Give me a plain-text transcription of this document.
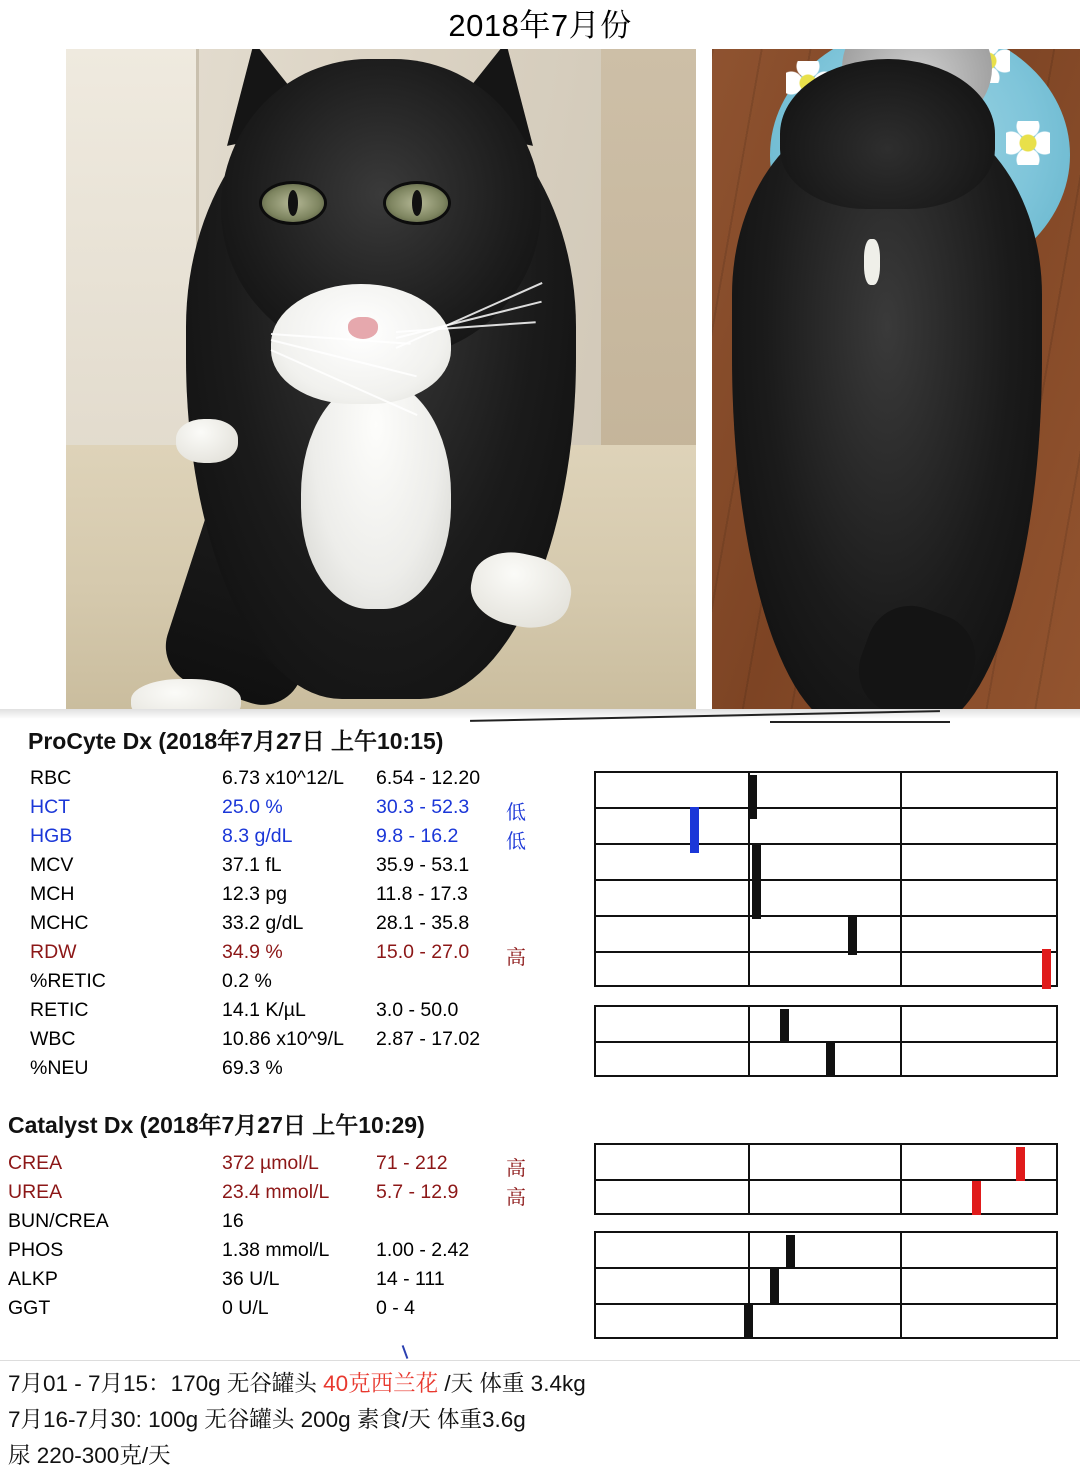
2018年7月份
ProCyte Dx (2018年7月27日 上午10:15)
RBC	6.73 x10^12/L 6.54 - 12.20
HCT	25.0 %	30.3 - 52.3 低
HGB	8.3 g/dL	9.8 - 16.2 低
MCV	37.1 fL	35.9 - 53.1
MCH	12.3 pg	11.8 - 17.3
MCHC	33.2 g/dL	28.1 - 35.8
RDW	34.9 %	15.0 - 27.0 高
%RETIC	0.2 %
RETIC	14.1 K/µL	3.0 - 50.0
WBC	10.86 x10^9/L 2.87 - 17.02
%NEU	69.3 %
Catalyst Dx (2018年7月27日 上午10:29)
CREA	372 µmol/L	71 - 212	高
UREA	23.4 mmol/L 5.7 - 12.9 高
BUN/CREA	16
PHOS	1.38 mmol/L 1.00 - 2.42
ALKP	36 U/L	14 - 111
GGT	0 U/L	0 - 4
7月01 - 7月15：170g 无谷罐头 40克西兰花 /天 体重 3.4kg
7月16-7月30: 100g 无谷罐头 200g 素食/天 体重3.6g
尿 220-300克/天
